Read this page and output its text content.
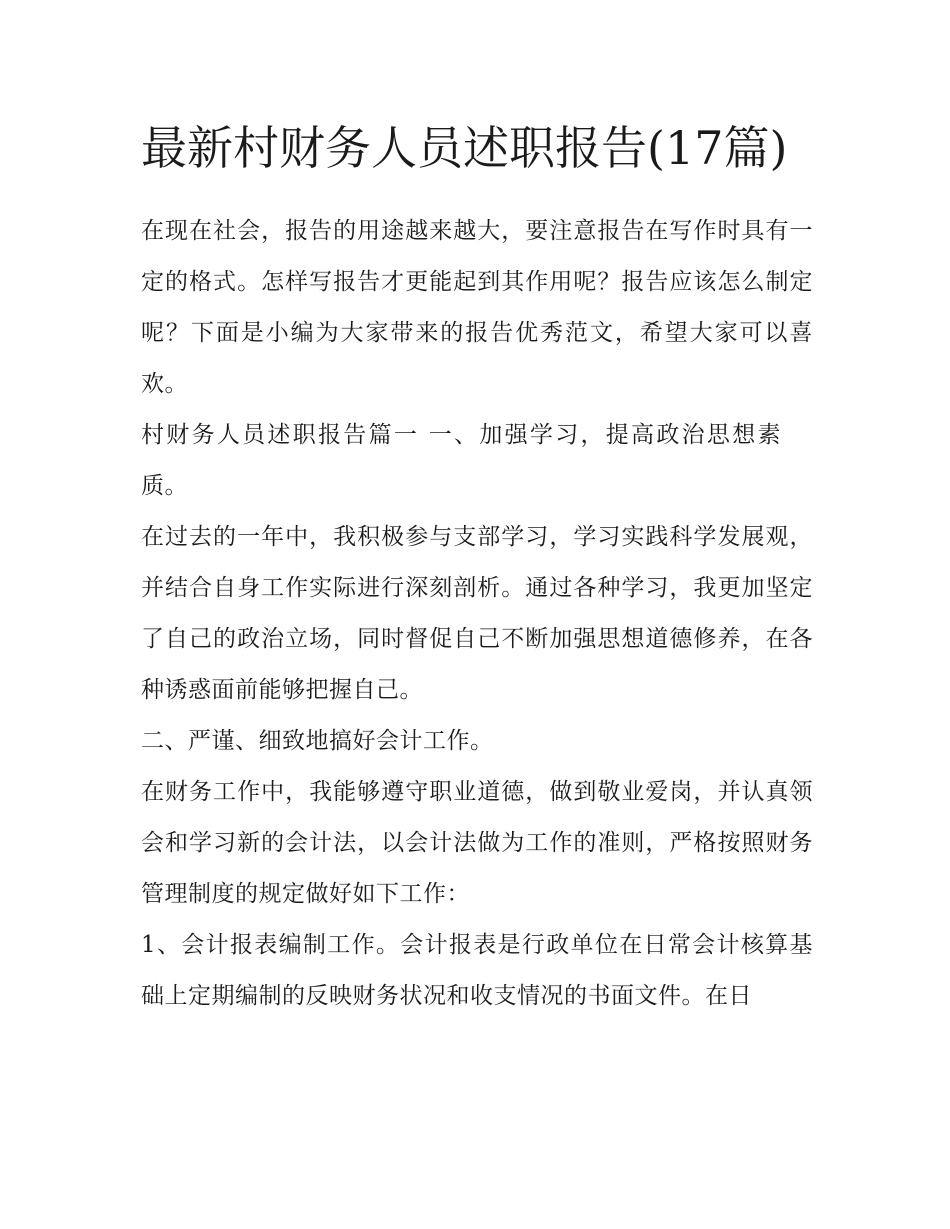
最新村财务人员述职报告(17篇)

在现在社会，报告的用途越来越大，要注意报告在写作时具有一定的格式。怎样写报告才更能起到其作用呢？报告应该怎么制定呢？下面是小编为大家带来的报告优秀范文，希望大家可以喜欢。

村财务人员述职报告篇一 一、加强学习，提高政治思想素质。

在过去的一年中，我积极参与支部学习，学习实践科学发展观，并结合自身工作实际进行深刻剖析。通过各种学习，我更加坚定了自己的政治立场，同时督促自己不断加强思想道德修养，在各种诱惑面前能够把握自己。

二、严谨、细致地搞好会计工作。

在财务工作中，我能够遵守职业道德，做到敬业爱岗，并认真领会和学习新的会计法，以会计法做为工作的准则，严格按照财务管理制度的规定做好如下工作：

1、会计报表编制工作。会计报表是行政单位在日常会计核算基础上定期编制的反映财务状况和收支情况的书面文件。在日
